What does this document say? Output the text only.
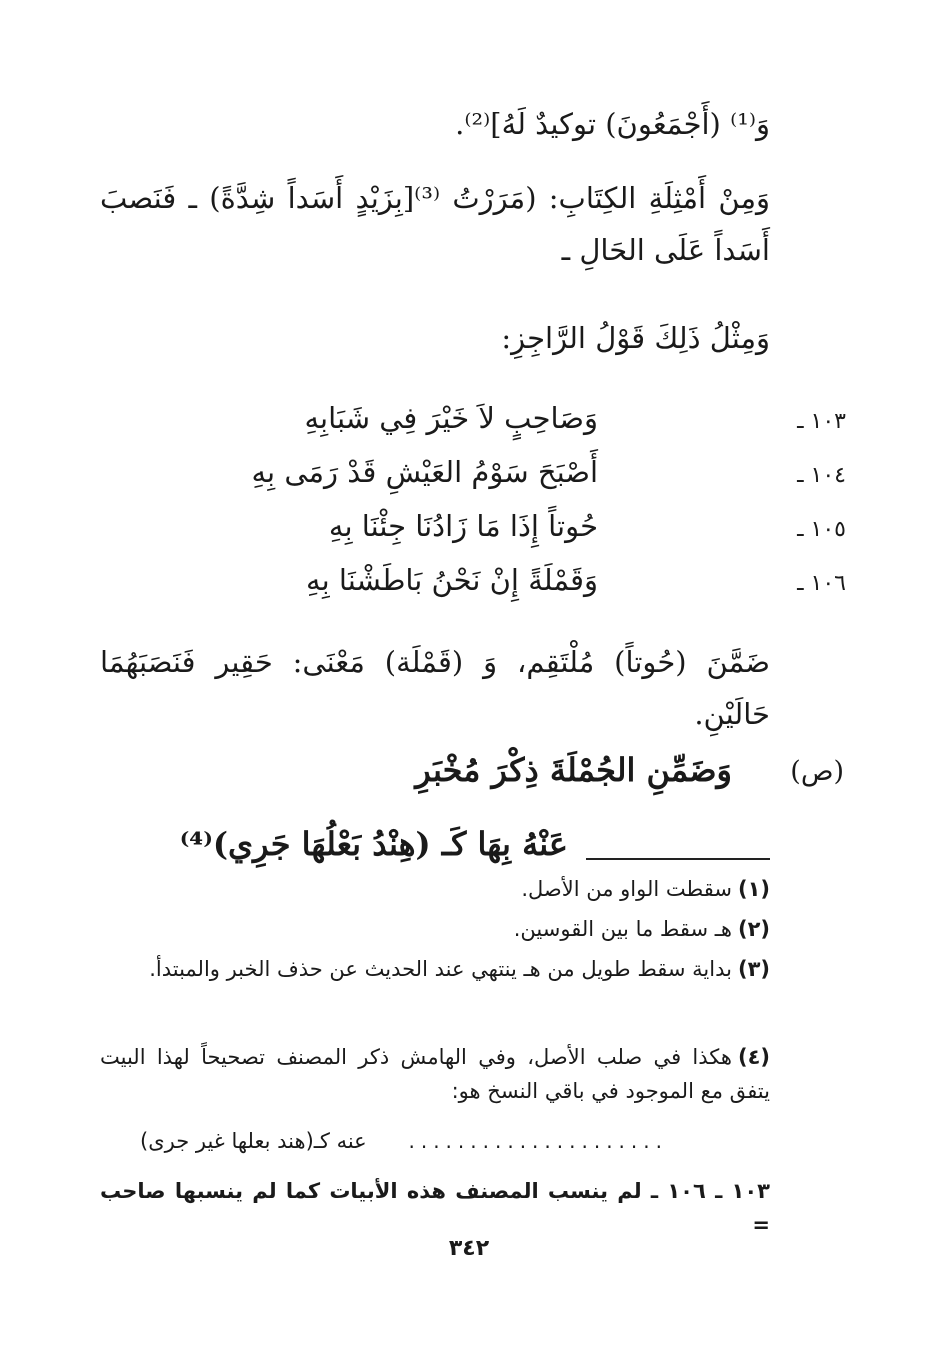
وَ⁽¹⁾ (أَجْمَعُونَ) توكيدٌ لَهُ]⁽²⁾.
وَمِنْ أَمْثِلَةِ الكِتَابِ: (مَرَرْتُ ⁽³⁾[بِزَيْدٍ أَسَداً شِدَّةً) ـ فَنَصبَ أَسَداً عَلَى الحَالِ ـ
وَمِثْلُ ذَلِكَ قَوْلُ الرَّاجِزِ:
١٠٣ ـ
وَصَاحِبٍ لاَ خَيْرَ فِي شَبَابِهِ
١٠٤ ـ
أَصْبَحَ سَوْمُ العَيْشِ قَدْ رَمَى بِهِ
١٠٥ ـ
حُوتاً إِذَا مَا زَادُنَا جِئْنَا بِهِ
١٠٦ ـ
وَقَمْلَةً إِنْ نَحْنُ بَاطَشْنَا بِهِ
ضَمَّنَ (حُوتاً) مُلْتَقِم، وَ (قَمْلَة) مَعْنَى: حَقِير فَنَصَبَهُمَا حَالَيْنِ.
(ص)
وَضَمِّنِ الجُمْلَةَ ذِكْرَ مُخْبَرِ
عَنْهُ بِهَا كَـ (هِنْدُ بَعْلُهَا جَرِي)⁽⁴⁾
(١)سقطت الواو من الأصل.
(٢)هـ سقط ما بين القوسين.
(٣)بداية سقط طويل من هـ ينتهي عند الحديث عن حذف الخبر والمبتدأ.
(٤)هكذا في صلب الأصل، وفي الهامش ذكر المصنف تصحيحاً لهذا البيت يتفق مع الموجود في باقي النسخ هو:
.....................
عنه كـ(هند بعلها غير جرى)
١٠٣ ـ ١٠٦ ـ لم ينسب المصنف هذه الأبيات كما لم ينسبها صاحب =
٣٤٢
